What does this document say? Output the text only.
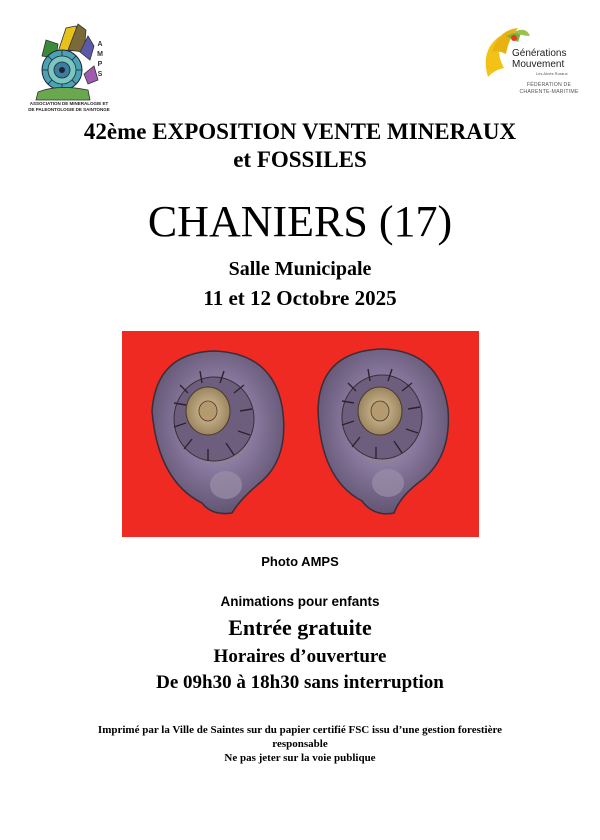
A
M
P
S
ASSOCIATION DE MINERALOGIE ET DE PALEONTOLOGIE DE SAINTONGE
Générations
Mouvement
Les Aînés Ruraux
FÉDÉRATION DE
CHARENTE-MARITIME
42ème EXPOSITION VENTE MINERAUX
et FOSSILES
CHANIERS (17)
Salle Municipale
11 et 12 Octobre 2025
Photo AMPS
Animations pour enfants
Entrée gratuite
Horaires d’ouverture
De 09h30 à 18h30 sans interruption
Imprimé par la Ville de Saintes sur du papier certifié FSC issu d’une gestion forestière
responsable
Ne pas jeter sur la voie publique
